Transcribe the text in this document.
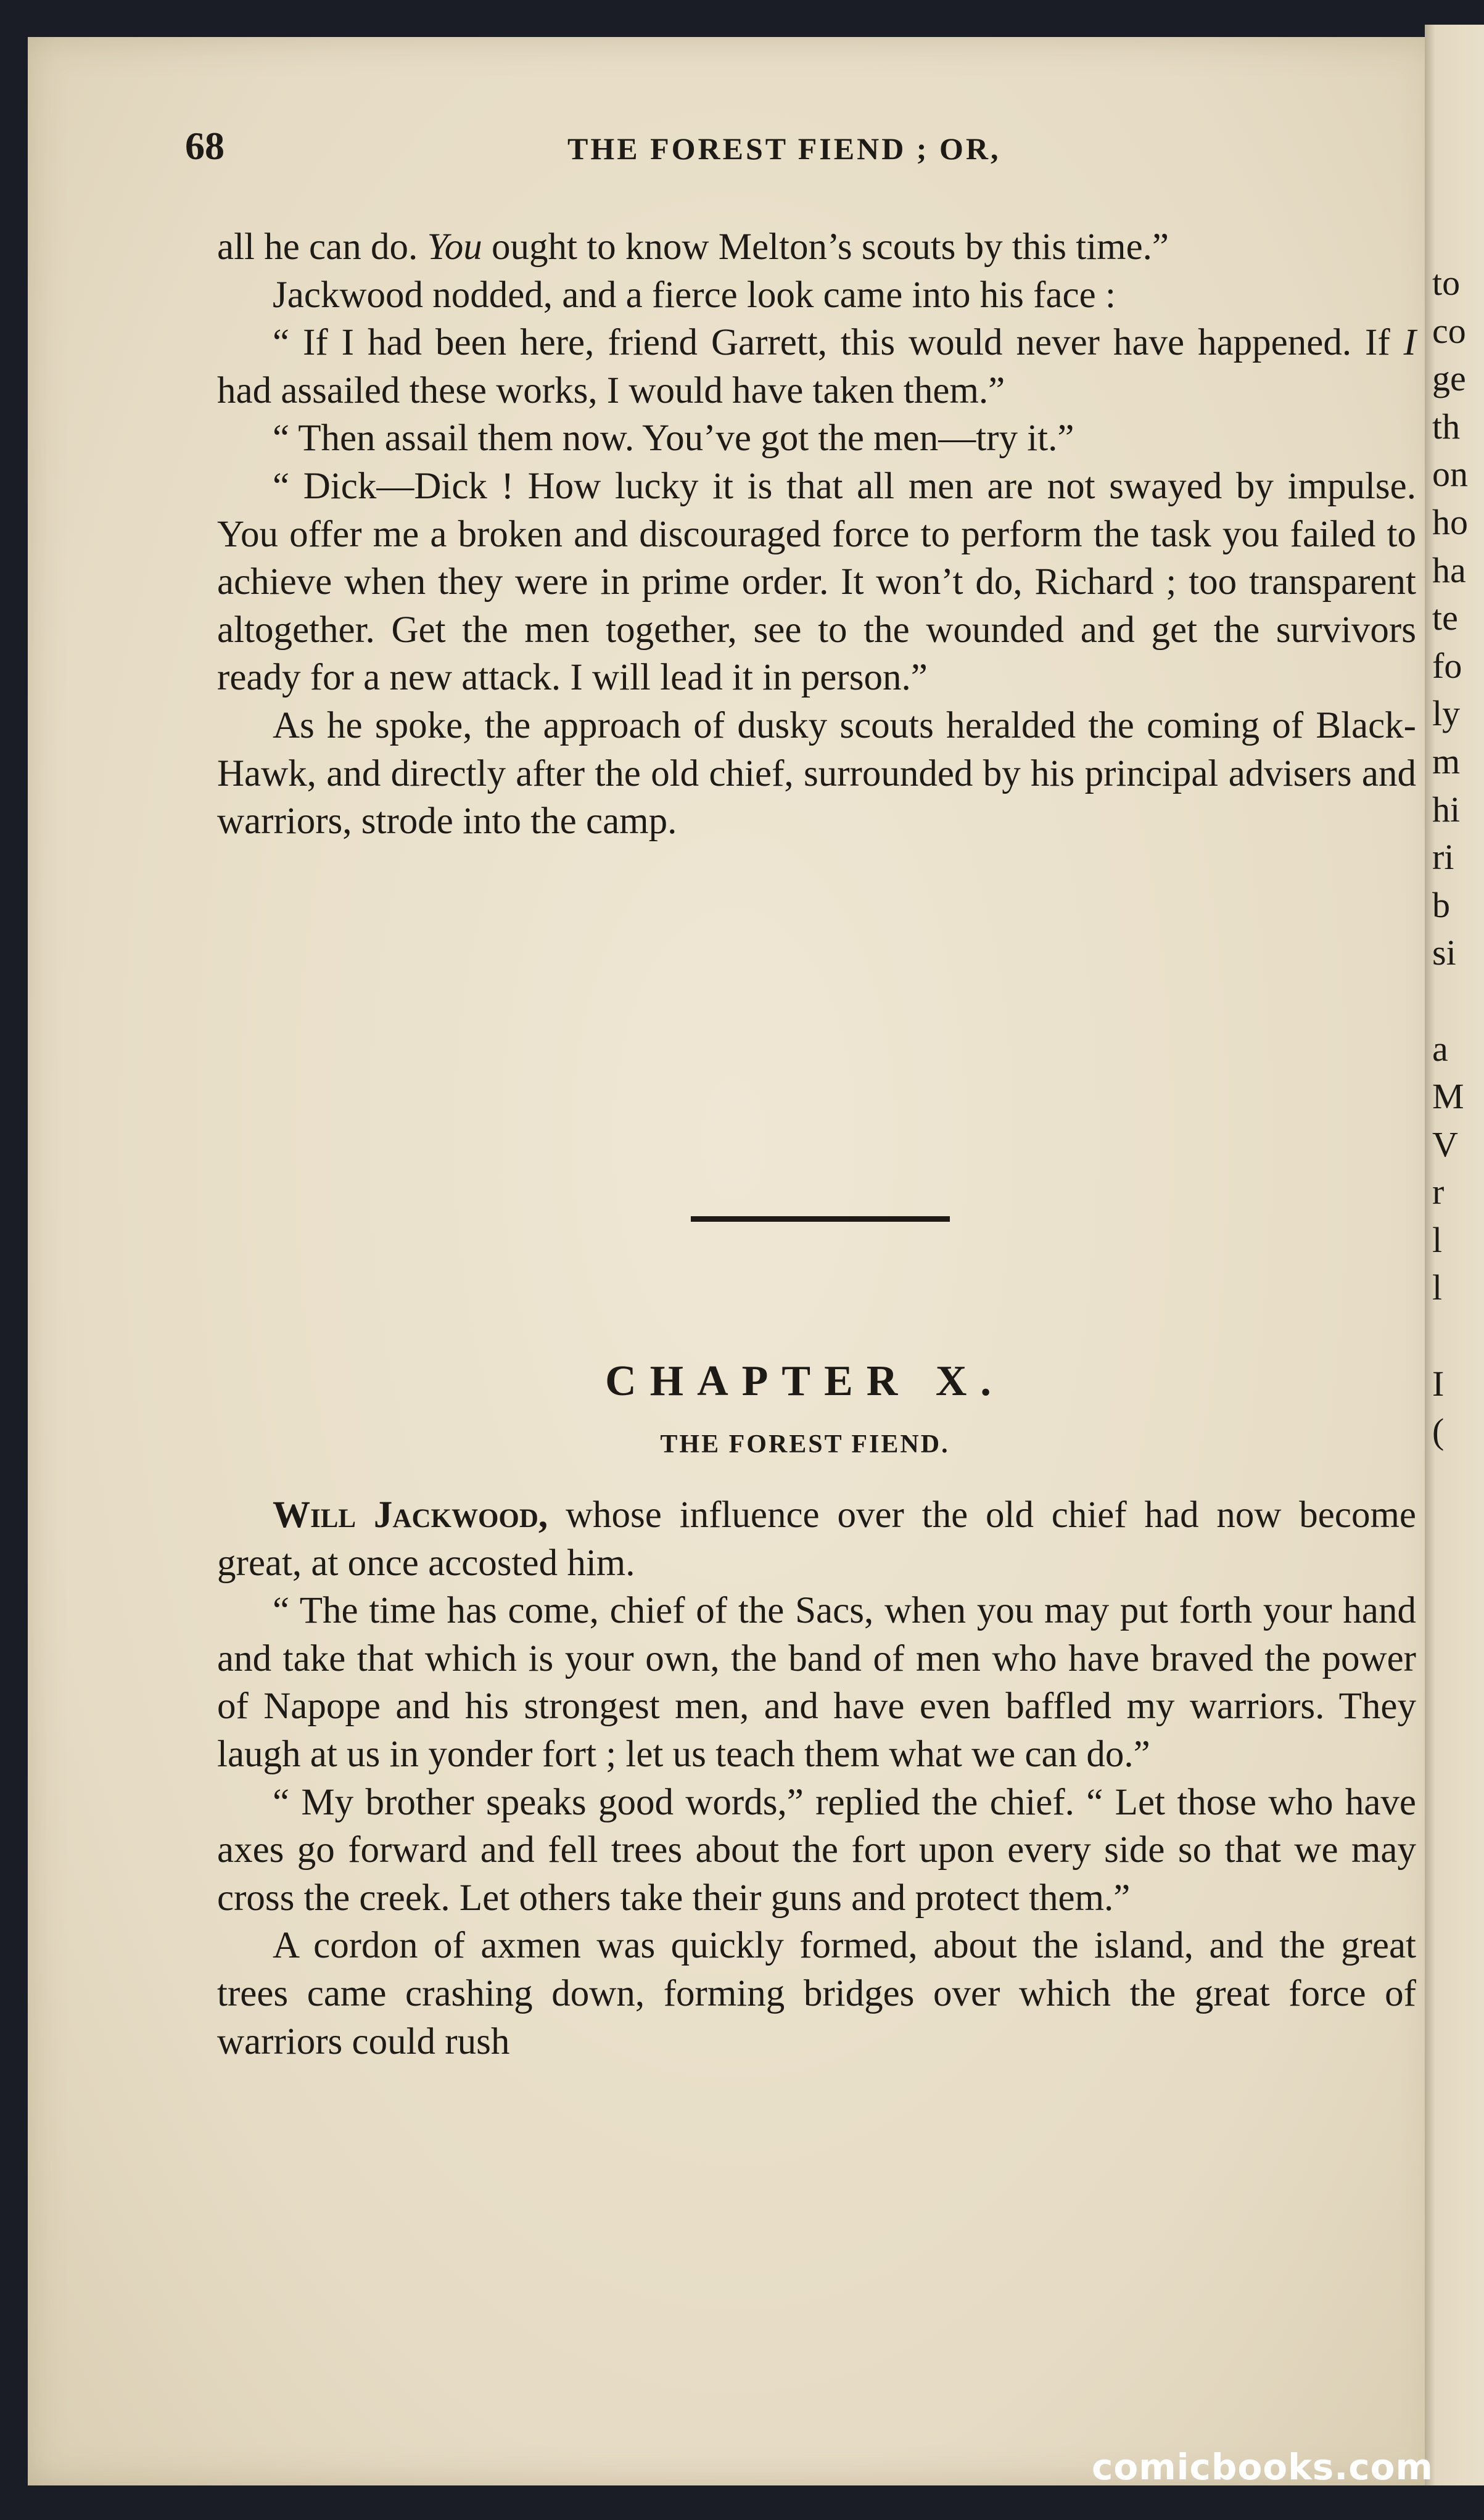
to
co
ge
th
on
ho
ha
te
fo
ly
m
hi
ri
b
si

a
M
V
r
l
l

I
(
68	THE FOREST FIEND ; OR,

all he can do. You ought to know Melton’s scouts by this time.”

Jackwood nodded, and a fierce look came into his face :

“ If I had been here, friend Garrett, this would never have happened. If I had assailed these works, I would have taken them.”

“ Then assail them now. You’ve got the men—try it.”

“ Dick—Dick ! How lucky it is that all men are not swayed by impulse. You offer me a broken and discouraged force to perform the task you failed to achieve when they were in prime order. It won’t do, Richard ; too transparent altogether. Get the men together, see to the wounded and get the survivors ready for a new attack. I will lead it in person.”

As he spoke, the approach of dusky scouts heralded the coming of Black-Hawk, and directly after the old chief, surrounded by his principal advisers and warriors, strode into the camp.

CHAPTER X.
THE FOREST FIEND.

Will Jackwood, whose influence over the old chief had now become great, at once accosted him.

“ The time has come, chief of the Sacs, when you may put forth your hand and take that which is your own, the band of men who have braved the power of Napope and his strongest men, and have even baffled my warriors. They laugh at us in yonder fort ; let us teach them what we can do.”

“ My brother speaks good words,” replied the chief. “ Let those who have axes go forward and fell trees about the fort upon every side so that we may cross the creek. Let others take their guns and protect them.”

A cordon of axmen was quickly formed, about the island, and the great trees came crashing down, forming bridges over which the great force of warriors could rush

comicbooks.com
